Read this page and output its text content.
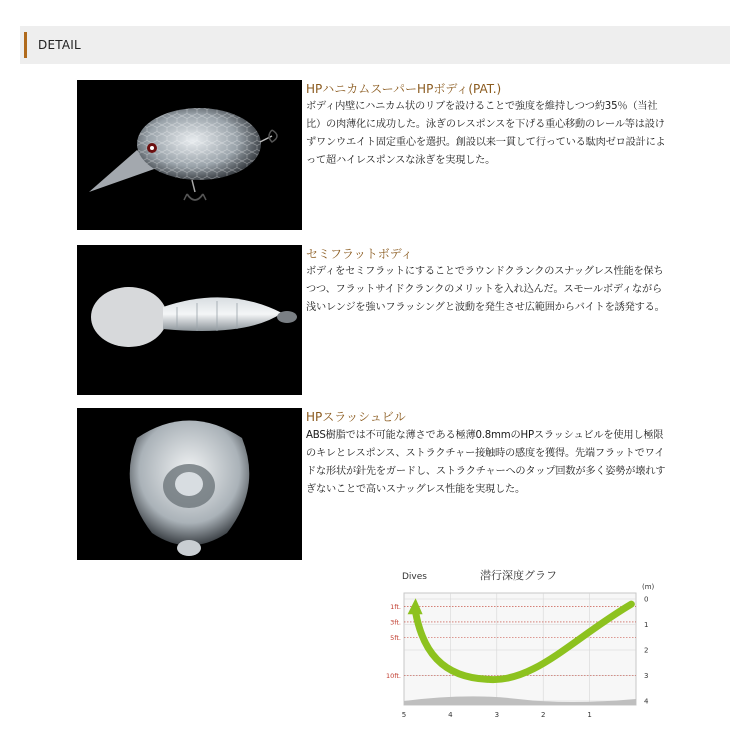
DETAIL
HPハニカムスーパーHPボディ(PAT.)
ボディ内壁にハニカム状のリブを設けることで強度を維持しつつ約35％（当社比）の肉薄化に成功した。泳ぎのレスポンスを下げる重心移動のレール等は設けずワンウエイト固定重心を選択。創設以来一貫して行っている駄肉ゼロ設計によって超ハイレスポンスな泳ぎを実現した。
セミフラットボディ
ボディをセミフラットにすることでラウンドクランクのスナッグレス性能を保ちつつ、フラットサイドクランクのメリットを入れ込んだ。スモールボディながら浅いレンジを強いフラッシングと波動を発生させ広範囲からバイトを誘発する。
HPスラッシュビル
ABS樹脂では不可能な薄さである極薄0.8mmのHPスラッシュビルを使用し極限のキレとレスポンス、ストラクチャー接触時の感度を獲得。先端フラットでワイドな形状が針先をガードし、ストラクチャーへのタップ回数が多く姿勢が壊れすぎないことで高いスナッグレス性能を実現した。
Dives	潜行深度グラフ
(m)
1ft.
3ft.
5ft.
10ft.
0
1
2
3
4
5	4	3	2	1
